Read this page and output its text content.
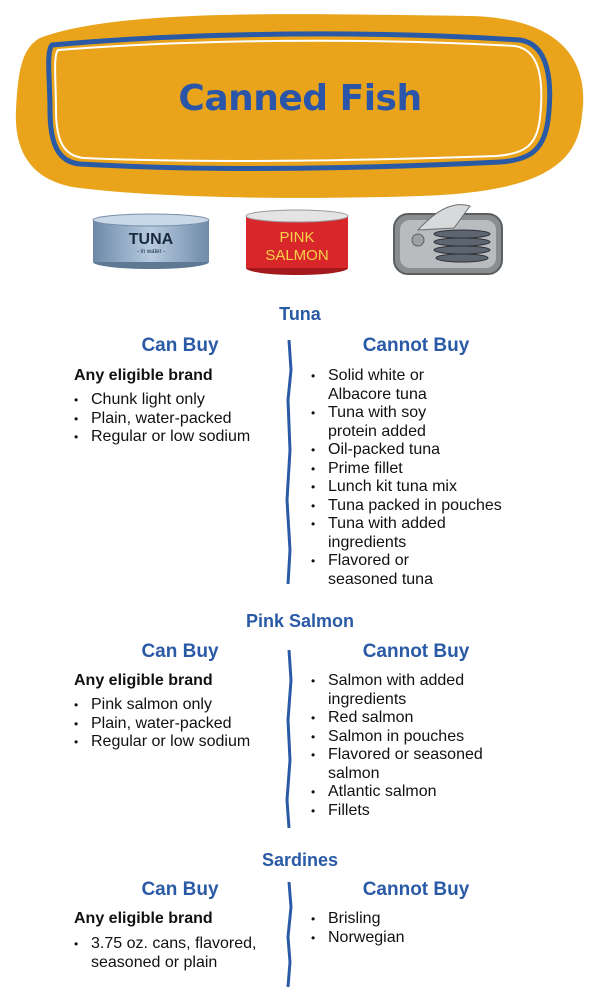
Canned Fish
TUNA
- in water -
PINK
SALMON
Tuna
Can Buy	Cannot Buy
Any eligible brand
• Chunk light only
• Plain, water-packed
• Regular or low sodium
• Solid white or Albacore tuna
• Tuna with soy protein added
• Oil-packed tuna
• Prime fillet
• Lunch kit tuna mix
• Tuna packed in pouches
• Tuna with added ingredients
• Flavored or seasoned tuna
Pink Salmon
Can Buy	Cannot Buy
Any eligible brand
• Pink salmon only
• Plain, water-packed
• Regular or low sodium
• Salmon with added ingredients
• Red salmon
• Salmon in pouches
• Flavored or seasoned salmon
• Atlantic salmon
• Fillets
Sardines
Can Buy	Cannot Buy
Any eligible brand
• 3.75 oz. cans, flavored, seasoned or plain
• Brisling
• Norwegian
